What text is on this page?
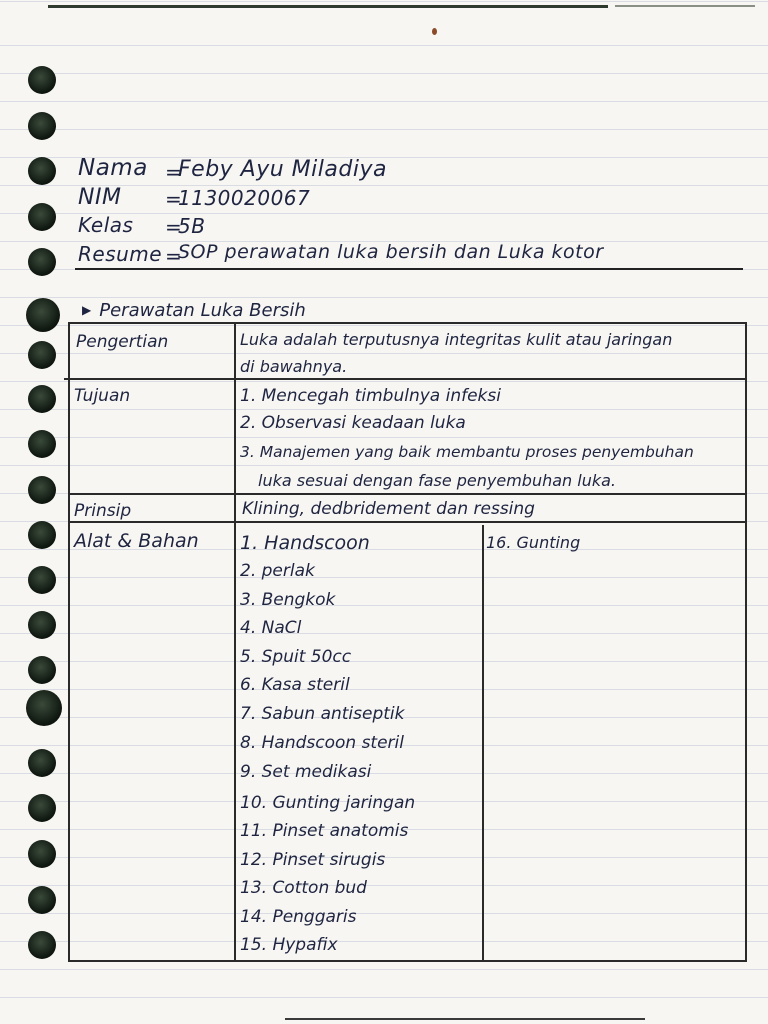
Nama =
Feby Ayu Miladiya
NIM =
1130020067
Kelas =
5B
Resume =
SOP perawatan luka bersih dan Luka kotor
▶ Perawatan Luka Bersih
Pengertian	Luka adalah terputusnya integritas kulit atau jaringan
di bawahnya.
Tujuan	1. Mencegah timbulnya infeksi
2. Observasi keadaan luka
3. Manajemen yang baik membantu proses penyembuhan
luka sesuai dengan fase penyembuhan luka.
Prinsip	Klining, dedbridement dan ressing
Alat & Bahan 1. Handscoon
2. perlak
3. Bengkok
4. NaCl
5. Spuit 50cc
6. Kasa steril
7. Sabun antiseptik
8. Handscoon steril
9. Set medikasi
10. Gunting jaringan
11. Pinset anatomis
12. Pinset sirugis
13. Cotton bud
14. Penggaris
15. Hypafix
16. Gunting
